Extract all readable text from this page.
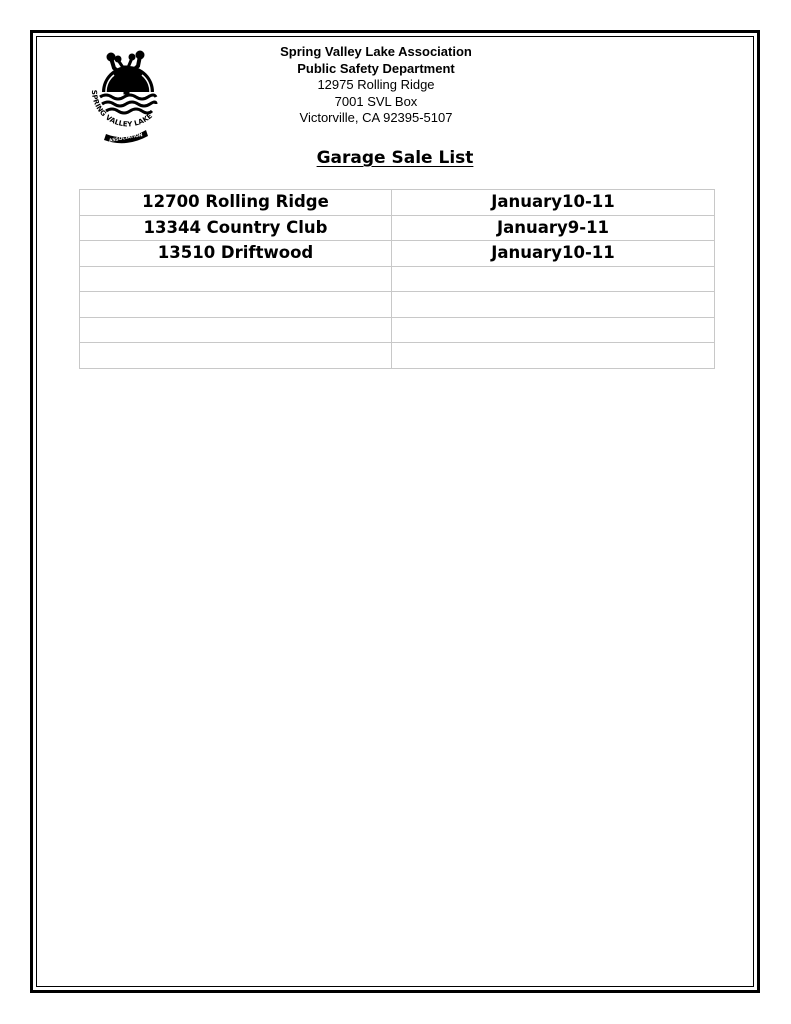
SPRING VALLEY LAKE
ASSOCIATION
Spring Valley Lake Association
Public Safety Department
12975 Rolling Ridge
7001 SVL Box
Victorville, CA 92395-5107
Garage Sale List
12700 Rolling Ridge	January10-11
13344 Country Club	January9-11
13510 Driftwood	January10-11
